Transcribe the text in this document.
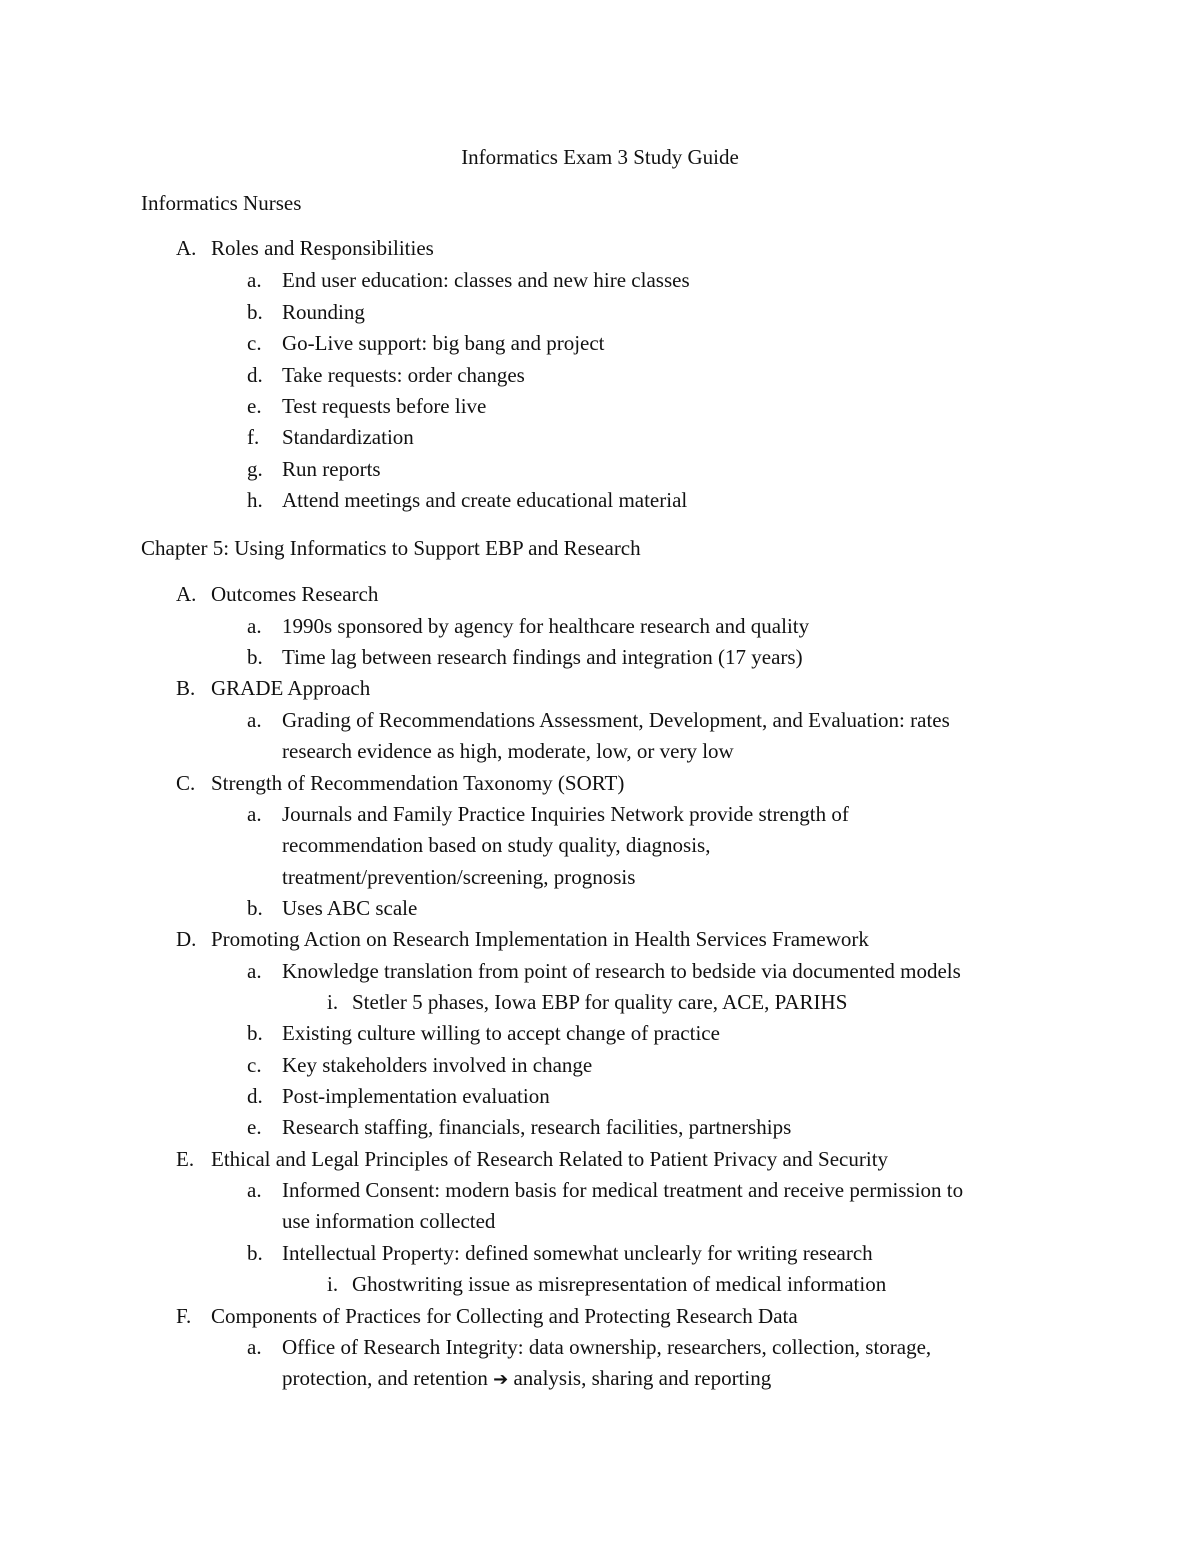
Informatics Exam 3 Study Guide
Informatics Nurses
A. Roles and Responsibilities
a. End user education: classes and new hire classes
b. Rounding
c. Go-Live support: big bang and project
d. Take requests: order changes
e. Test requests before live
f. Standardization
g. Run reports
h. Attend meetings and create educational material
Chapter 5: Using Informatics to Support EBP and Research
A. Outcomes Research
a. 1990s sponsored by agency for healthcare research and quality
b. Time lag between research findings and integration (17 years)
B. GRADE Approach
a. Grading of Recommendations Assessment, Development, and Evaluation: rates
research evidence as high, moderate, low, or very low
C. Strength of Recommendation Taxonomy (SORT)
a. Journals and Family Practice Inquiries Network provide strength of
recommendation based on study quality, diagnosis,
treatment/prevention/screening, prognosis
b. Uses ABC scale
D. Promoting Action on Research Implementation in Health Services Framework
a. Knowledge translation from point of research to bedside via documented models
i. Stetler 5 phases, Iowa EBP for quality care, ACE, PARIHS
b. Existing culture willing to accept change of practice
c. Key stakeholders involved in change
d. Post-implementation evaluation
e. Research staffing, financials, research facilities, partnerships
E. Ethical and Legal Principles of Research Related to Patient Privacy and Security
a. Informed Consent: modern basis for medical treatment and receive permission to
use information collected
b. Intellectual Property: defined somewhat unclearly for writing research
i. Ghostwriting issue as misrepresentation of medical information
F. Components of Practices for Collecting and Protecting Research Data
a. Office of Research Integrity: data ownership, researchers, collection, storage,
protection, and retention ➔ analysis, sharing and reporting
